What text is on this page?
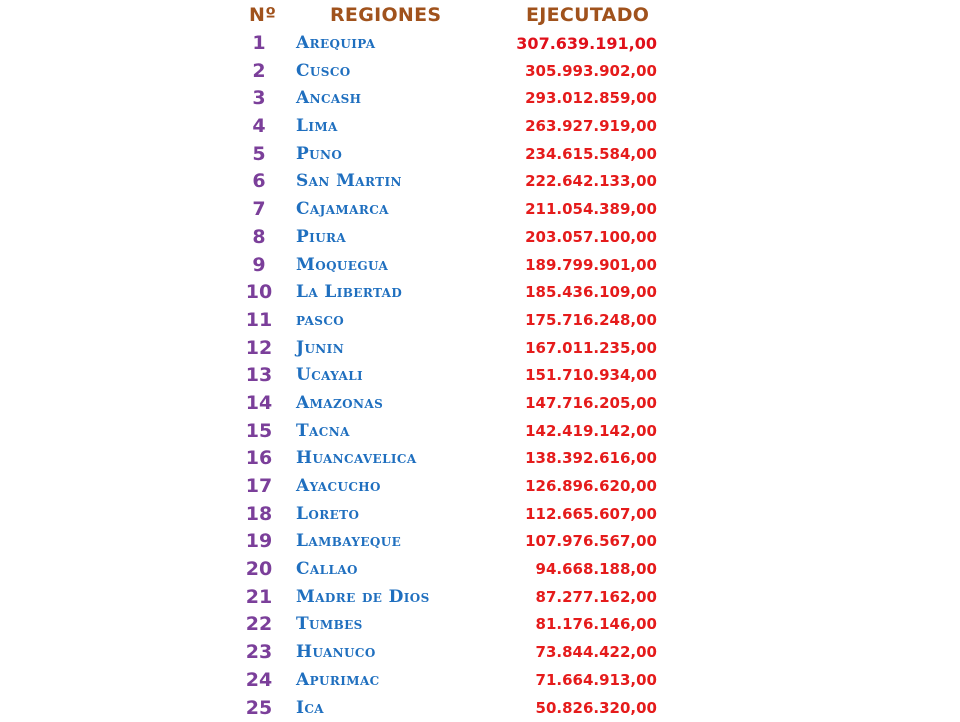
Nº	REGIONES	EJECUTADO
1	Arequipa	307.639.191,00
2	Cusco	305.993.902,00
3	Ancash	293.012.859,00
4	Lima	263.927.919,00
5	Puno	234.615.584,00
6	San Martin	222.642.133,00
7	Cajamarca	211.054.389,00
8	Piura	203.057.100,00
9	Moquegua	189.799.901,00
10	La Libertad	185.436.109,00
11	pasco	175.716.248,00
12	Junin	167.011.235,00
13	Ucayali	151.710.934,00
14	Amazonas	147.716.205,00
15	Tacna	142.419.142,00
16	Huancavelica	138.392.616,00
17	Ayacucho	126.896.620,00
18	Loreto	112.665.607,00
19	Lambayeque	107.976.567,00
20	Callao	94.668.188,00
21	Madre de Dios	87.277.162,00
22	Tumbes	81.176.146,00
23	Huanuco	73.844.422,00
24	Apurimac	71.664.913,00
25	Ica	50.826.320,00
